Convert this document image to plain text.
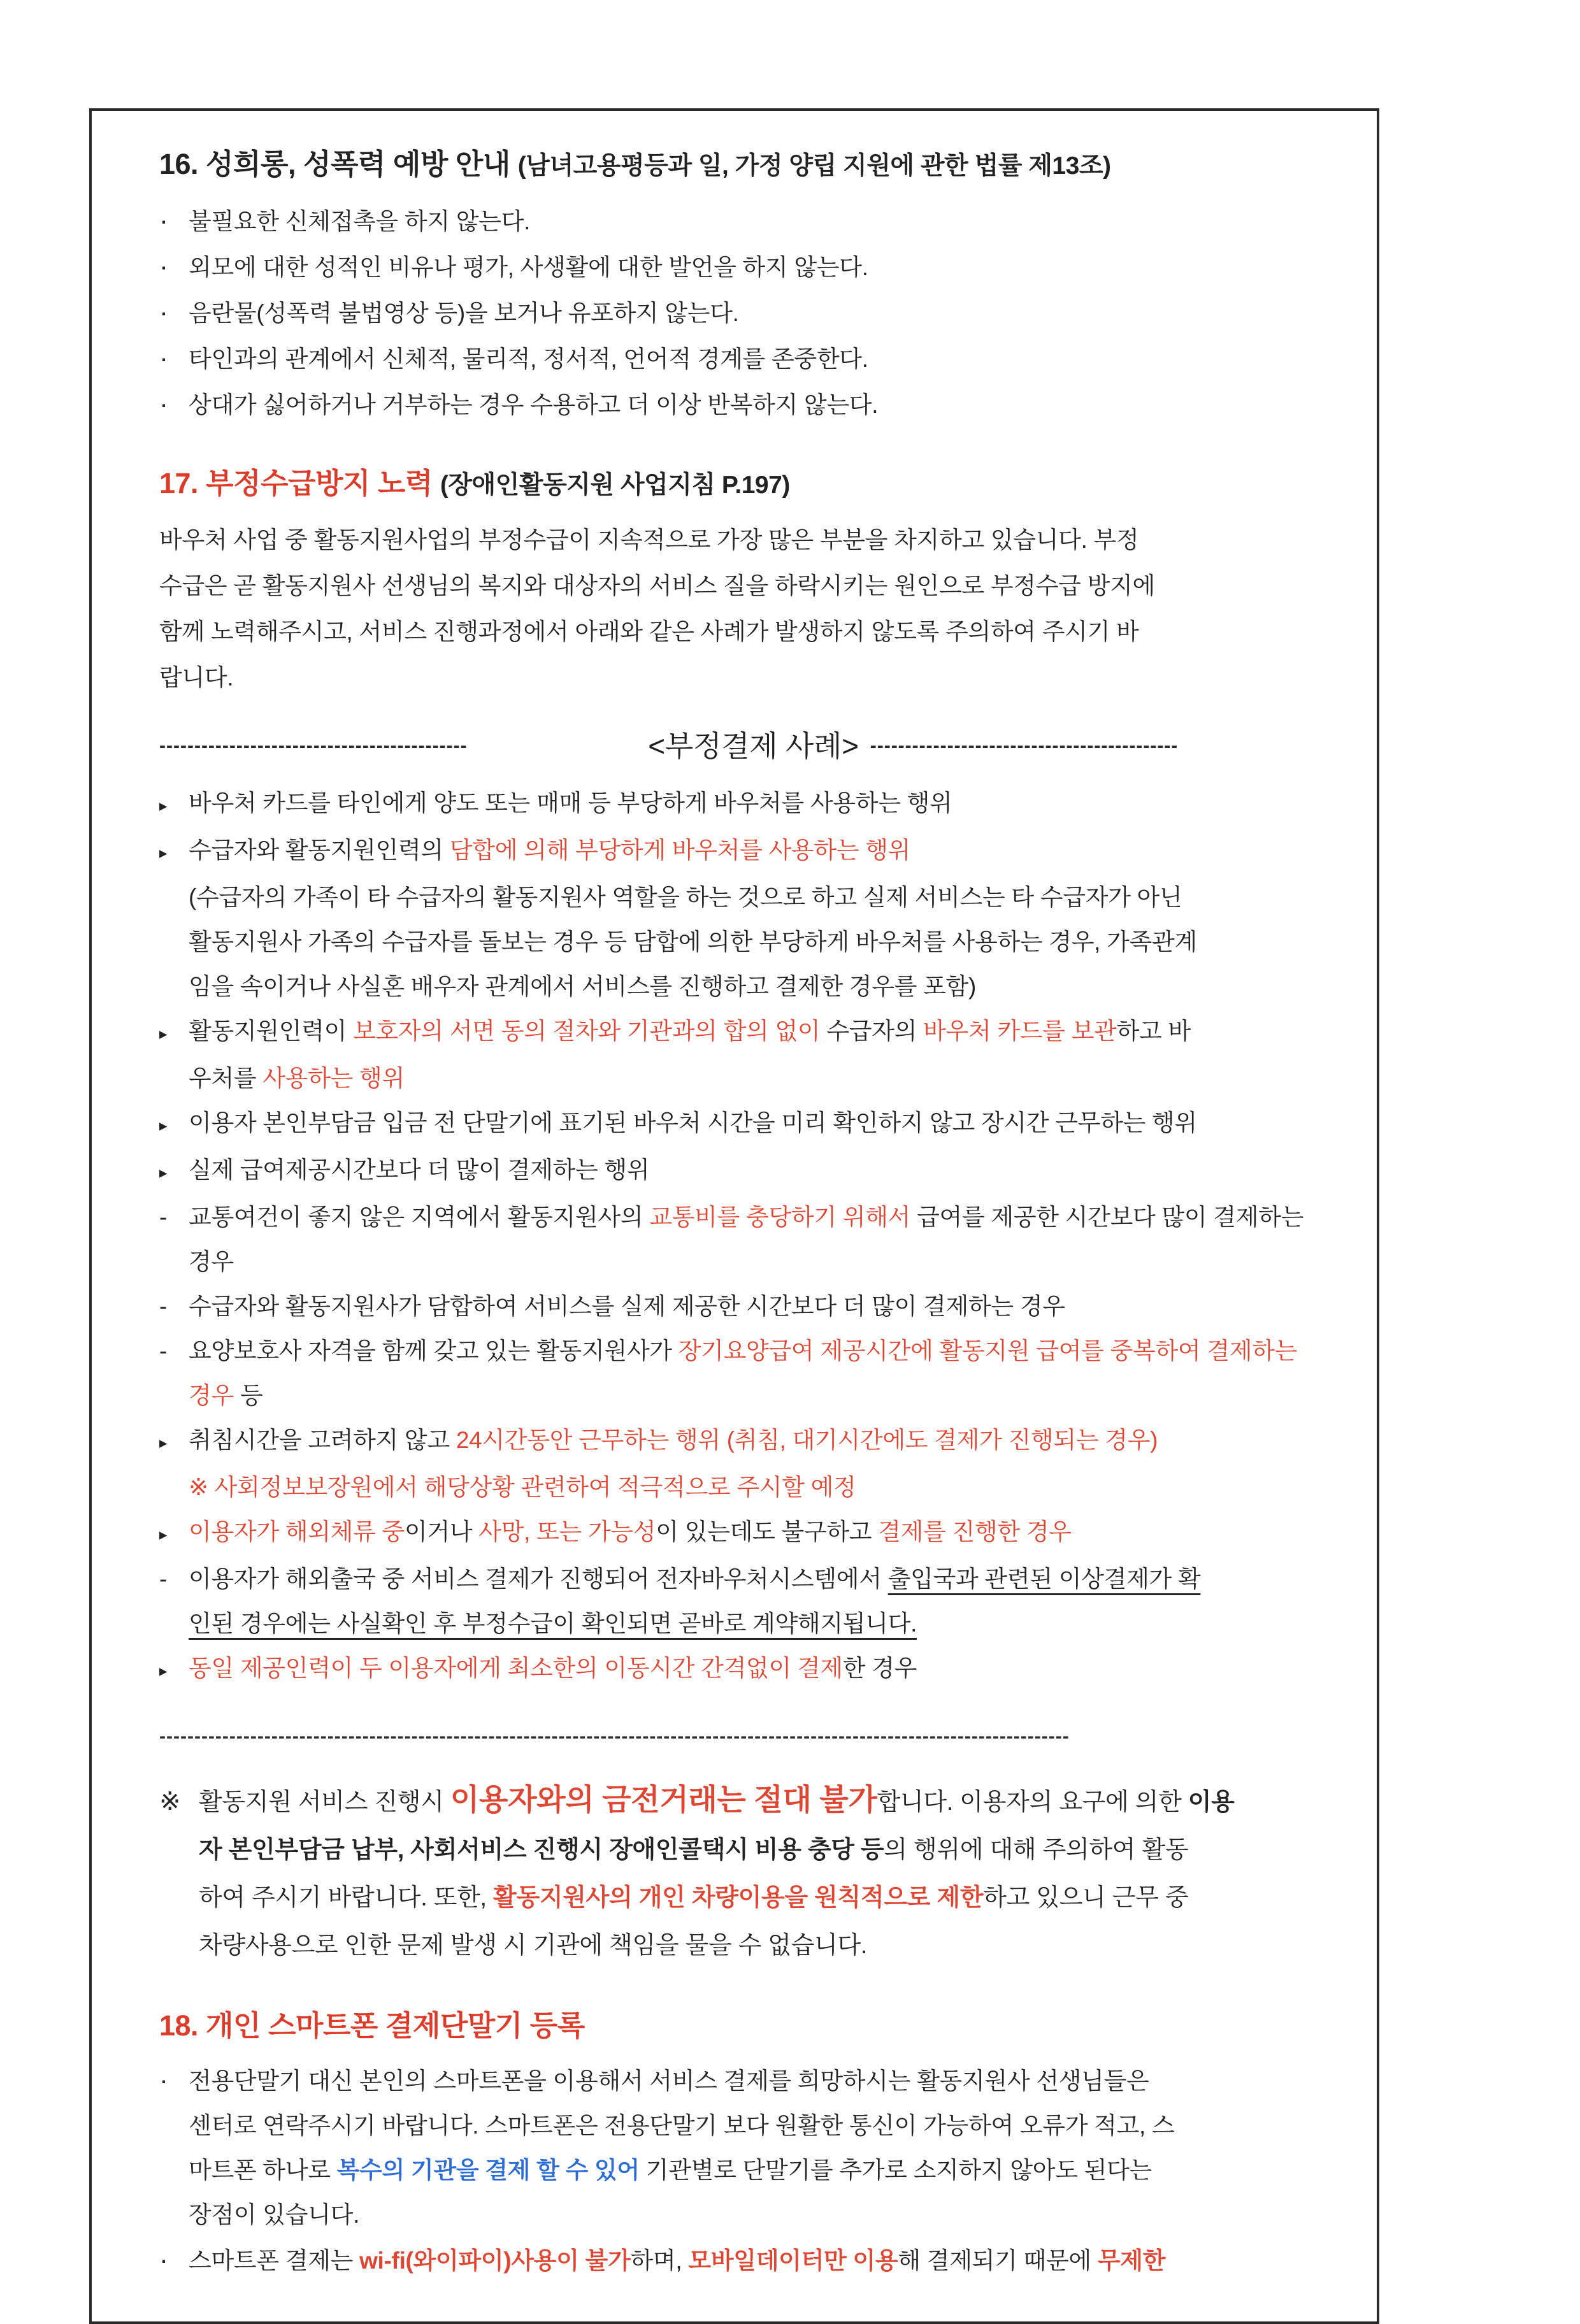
16. 성희롱, 성폭력 예방 안내 (남녀고용평등과 일, 가정 양립 지원에 관한 법률 제13조)
· 불필요한 신체접촉을 하지 않는다.
· 외모에 대한 성적인 비유나 평가, 사생활에 대한 발언을 하지 않는다.
· 음란물(성폭력 불법영상 등)을 보거나 유포하지 않는다.
· 타인과의 관계에서 신체적, 물리적, 정서적, 언어적 경계를 존중한다.
· 상대가 싫어하거나 거부하는 경우 수용하고 더 이상 반복하지 않는다.
17. 부정수급방지 노력 (장애인활동지원 사업지침 P.197)
바우처 사업 중 활동지원사업의 부정수급이 지속적으로 가장 많은 부분을 차지하고 있습니다. 부정
수급은 곧 활동지원사 선생님의 복지와 대상자의 서비스 질을 하락시키는 원인으로 부정수급 방지에
함께 노력해주시고, 서비스 진행과정에서 아래와 같은 사례가 발생하지 않도록 주의하여 주시기 바
랍니다.
--------------------------------------------	<부정결제 사례> --------------------------------------------
▸ 바우처 카드를 타인에게 양도 또는 매매 등 부당하게 바우처를 사용하는 행위
▸ 수급자와 활동지원인력의 담합에 의해 부당하게 바우처를 사용하는 행위
(수급자의 가족이 타 수급자의 활동지원사 역할을 하는 것으로 하고 실제 서비스는 타 수급자가 아닌
활동지원사 가족의 수급자를 돌보는 경우 등 담합에 의한 부당하게 바우처를 사용하는 경우, 가족관계
임을 속이거나 사실혼 배우자 관계에서 서비스를 진행하고 결제한 경우를 포함)
▸ 활동지원인력이 보호자의 서면 동의 절차와 기관과의 합의 없이 수급자의 바우처 카드를 보관하고 바
우처를 사용하는 행위
▸ 이용자 본인부담금 입금 전 단말기에 표기된 바우처 시간을 미리 확인하지 않고 장시간 근무하는 행위
▸ 실제 급여제공시간보다 더 많이 결제하는 행위
- 교통여건이 좋지 않은 지역에서 활동지원사의 교통비를 충당하기 위해서 급여를 제공한 시간보다 많이 결제하는
경우
- 수급자와 활동지원사가 담합하여 서비스를 실제 제공한 시간보다 더 많이 결제하는 경우
- 요양보호사 자격을 함께 갖고 있는 활동지원사가 장기요양급여 제공시간에 활동지원 급여를 중복하여 결제하는
경우 등
▸ 취침시간을 고려하지 않고 24시간동안 근무하는 행위 (취침, 대기시간에도 결제가 진행되는 경우)
※ 사회정보보장원에서 해당상황 관련하여 적극적으로 주시할 예정
▸ 이용자가 해외체류 중이거나 사망, 또는 가능성이 있는데도 불구하고 결제를 진행한 경우
- 이용자가 해외출국 중 서비스 결제가 진행되어 전자바우처시스템에서 출입국과 관련된 이상결제가 확
인된 경우에는 사실확인 후 부정수급이 확인되면 곧바로 계약해지됩니다.
▸ 동일 제공인력이 두 이용자에게 최소한의 이동시간 간격없이 결제한 경우
----------------------------------------------------------------------------------------------------------------------------------
※ 활동지원 서비스 진행시 이용자와의 금전거래는 절대 불가합니다. 이용자의 요구에 의한 이용
자 본인부담금 납부, 사회서비스 진행시 장애인콜택시 비용 충당 등의 행위에 대해 주의하여 활동
하여 주시기 바랍니다. 또한, 활동지원사의 개인 차량이용을 원칙적으로 제한하고 있으니 근무 중
차량사용으로 인한 문제 발생 시 기관에 책임을 물을 수 없습니다.
18. 개인 스마트폰 결제단말기 등록
· 전용단말기 대신 본인의 스마트폰을 이용해서 서비스 결제를 희망하시는 활동지원사 선생님들은
센터로 연락주시기 바랍니다. 스마트폰은 전용단말기 보다 원활한 통신이 가능하여 오류가 적고, 스
마트폰 하나로 복수의 기관을 결제 할 수 있어 기관별로 단말기를 추가로 소지하지 않아도 된다는
장점이 있습니다.
· 스마트폰 결제는 wi-fi(와이파이)사용이 불가하며, 모바일데이터만 이용해 결제되기 때문에 무제한
